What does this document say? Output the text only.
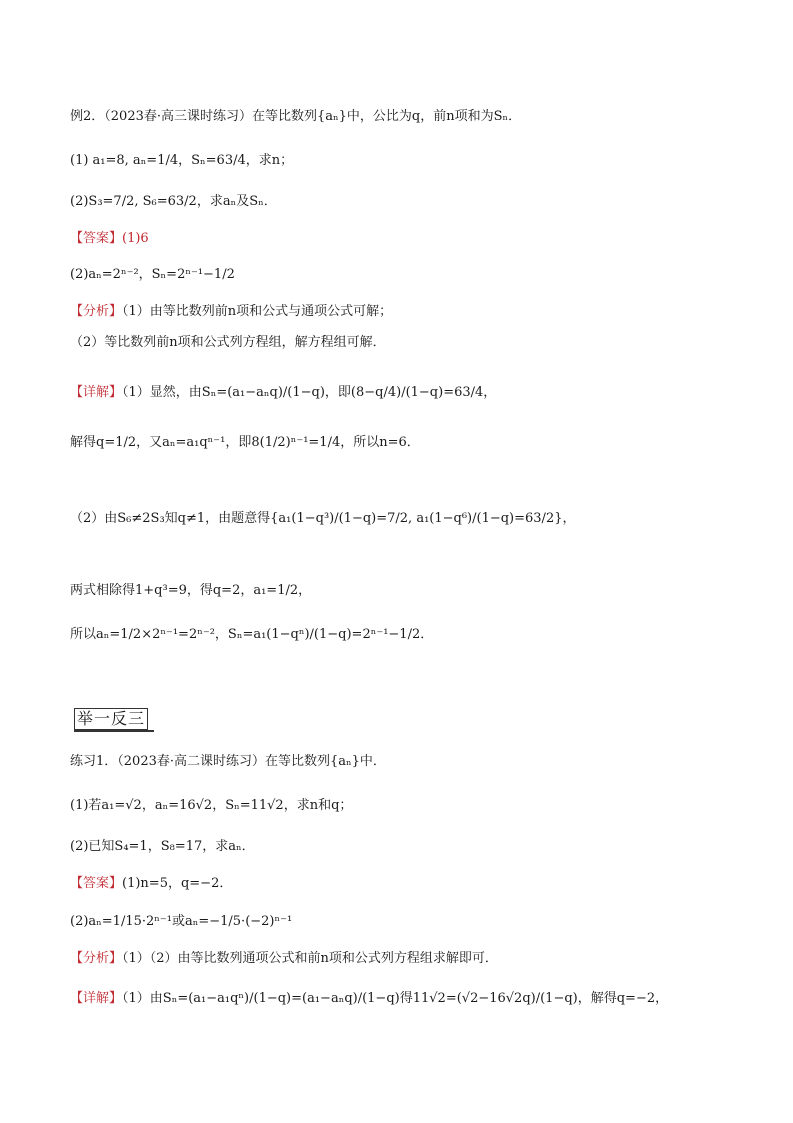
例2．（2023春·高三课时练习）在等比数列{aₙ}中，公比为q，前n项和为Sₙ．
(1) a₁=8, aₙ=1/4，Sₙ=63/4，求n；
(2)S₃=7/2, S₆=63/2，求aₙ及Sₙ．
【答案】(1)6
(2)aₙ=2ⁿ⁻²，Sₙ=2ⁿ⁻¹−1/2
【分析】（1）由等比数列前n项和公式与通项公式可解；
（2）等比数列前n项和公式列方程组，解方程组可解．
【详解】（1）显然，由Sₙ=(a₁−aₙq)/(1−q)，即(8−q/4)/(1−q)=63/4，
解得q=1/2，又aₙ=a₁qⁿ⁻¹，即8(1/2)ⁿ⁻¹=1/4，所以n=6．
（2）由S₆≠2S₃知q≠1，由题意得{a₁(1−q³)/(1−q)=7/2, a₁(1−q⁶)/(1−q)=63/2}，
两式相除得1+q³=9，得q=2，a₁=1/2，
所以aₙ=1/2×2ⁿ⁻¹=2ⁿ⁻²，Sₙ=a₁(1−qⁿ)/(1−q)=2ⁿ⁻¹−1/2．
举一反三
练习1．（2023春·高二课时练习）在等比数列{aₙ}中．
(1)若a₁=√2，aₙ=16√2，Sₙ=11√2，求n和q；
(2)已知S₄=1，S₈=17，求aₙ．
【答案】(1)n=5，q=−2．
(2)aₙ=1/15·2ⁿ⁻¹或aₙ=−1/5·(−2)ⁿ⁻¹
【分析】（1）（2）由等比数列通项公式和前n项和公式列方程组求解即可．
【详解】（1）由Sₙ=(a₁−a₁qⁿ)/(1−q)=(a₁−aₙq)/(1−q)得11√2=(√2−16√2q)/(1−q)，解得q=−2，
